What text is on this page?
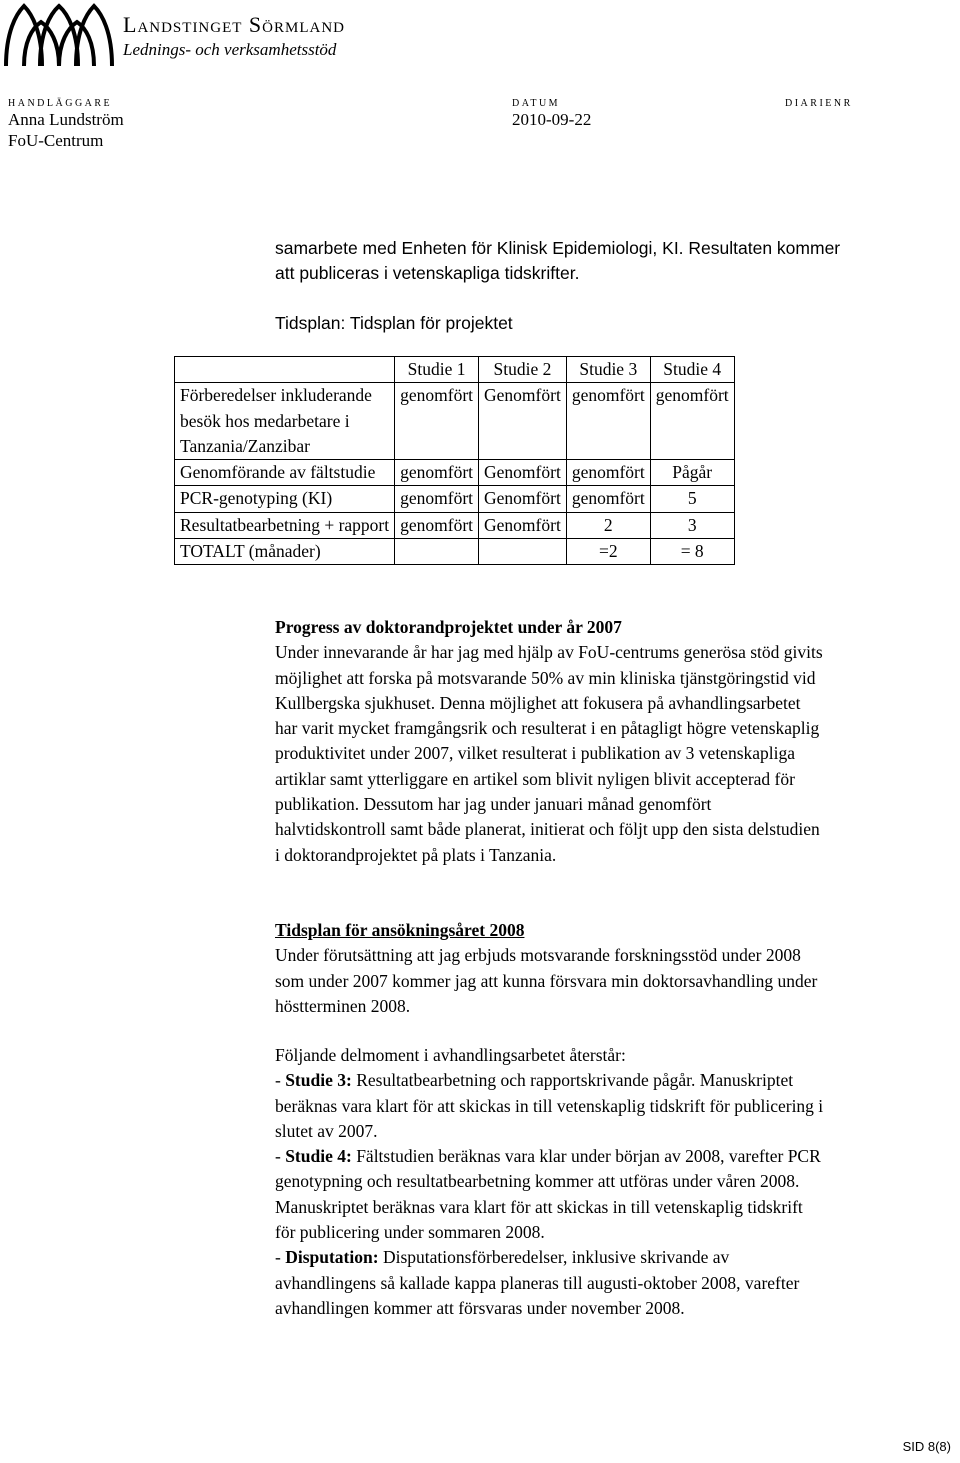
Landstinget Sörmland
Lednings- och verksamhetsstöd
HANDLÄGGARE
Anna Lundström
FoU-Centrum
DATUM
2010-09-22
DIARIENR
samarbete med Enheten för Klinisk Epidemiologi, KI. Resultaten kommer
att publiceras i vetenskapliga tidskrifter.
Tidsplan: Tidsplan för projektet
	Studie 1	Studie 2	Studie 3	Studie 4

Förberedelser inkluderande
besök hos medarbetare i
Tanzania/Zanzibar	genomfört	Genomfört	genomfört	genomfört
Genomförande av fältstudie	genomfört	Genomfört	genomfört	Pågår
PCR-genotyping (KI)	genomfört	Genomfört	genomfört	5
Resultatbearbetning + rapport	genomfört	Genomfört	2	3
TOTALT (månader)			=2	= 8
Progress av doktorandprojektet under år 2007
Under innevarande år har jag med hjälp av FoU-centrums generösa stöd givits
möjlighet att forska på motsvarande 50% av min kliniska tjänstgöringstid vid
Kullbergska sjukhuset. Denna möjlighet att fokusera på avhandlingsarbetet
har varit mycket framgångsrik och resulterat i en påtagligt högre vetenskaplig
produktivitet under 2007, vilket resulterat i publikation av 3 vetenskapliga
artiklar samt ytterliggare en artikel som blivit nyligen blivit accepterad för
publikation. Dessutom har jag under januari månad genomfört
halvtidskontroll samt både planerat, initierat och följt upp den sista delstudien
i doktorandprojektet på plats i Tanzania.
Tidsplan för ansökningsåret 2008
Under förutsättning att jag erbjuds motsvarande forskningsstöd under 2008
som under 2007 kommer jag att kunna försvara min doktorsavhandling under
höstterminen 2008.
Följande delmoment i avhandlingsarbetet återstår:
- Studie 3: Resultatbearbetning och rapportskrivande pågår. Manuskriptet
beräknas vara klart för att skickas in till vetenskaplig tidskrift för publicering i
slutet av 2007.
- Studie 4: Fältstudien beräknas vara klar under början av 2008, varefter PCR
genotypning och resultatbearbetning kommer att utföras under våren 2008.
Manuskriptet beräknas vara klart för att skickas in till vetenskaplig tidskrift
för publicering under sommaren 2008.
- Disputation: Disputationsförberedelser, inklusive skrivande av
avhandlingens så kallade kappa planeras till augusti-oktober 2008, varefter
avhandlingen kommer att försvaras under november 2008.
SID 8(8)
